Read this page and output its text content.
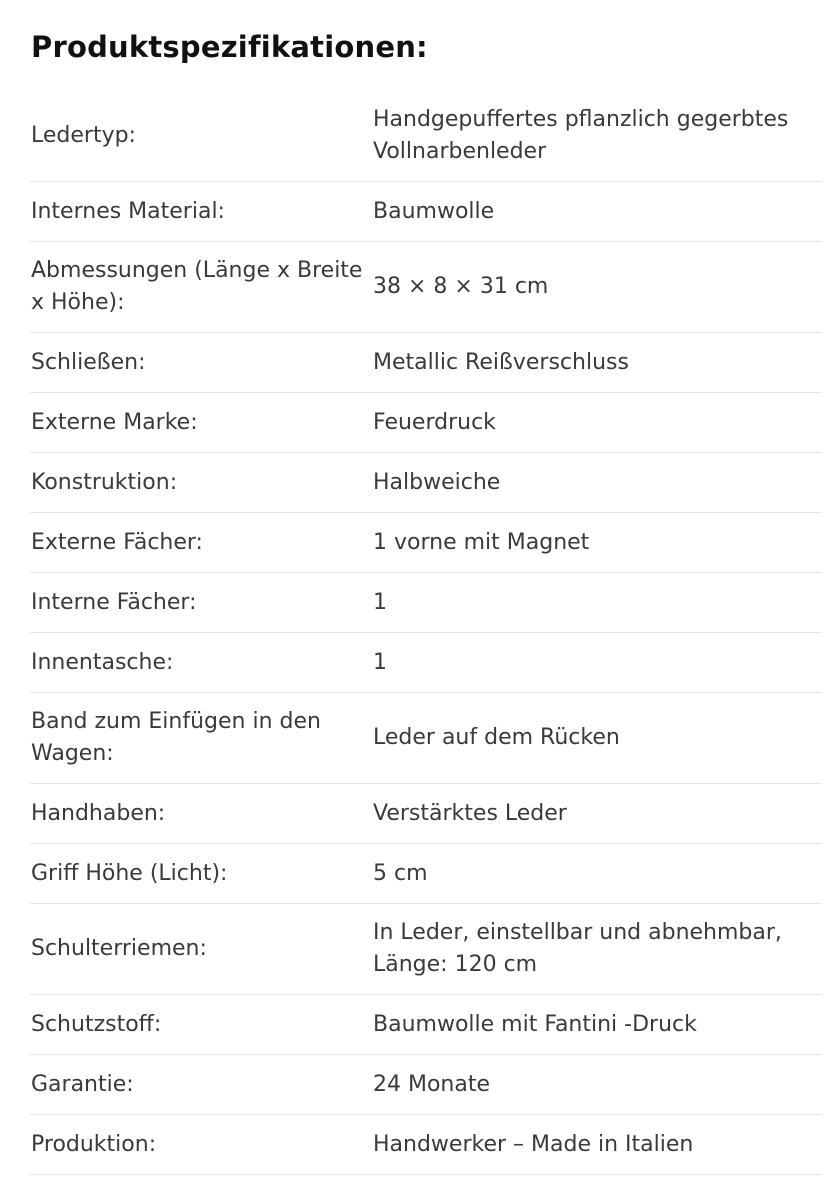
Produktspezifikationen:
Ledertyp:
Handgepuffertes pflanzlich gegerbtes Vollnarbenleder
Internes Material:	Baumwolle
Abmessungen (Länge x Breite x Höhe):
38 × 8 × 31 cm
Schließen:	Metallic Reißverschluss
Externe Marke:	Feuerdruck
Konstruktion:	Halbweiche
Externe Fächer:	1 vorne mit Magnet
Interne Fächer:	1
Innentasche:	1
Band zum Einfügen in den Wagen:
Leder auf dem Rücken
Handhaben:	Verstärktes Leder
Griff Höhe (Licht):	5 cm
Schulterriemen:
In Leder, einstellbar und abnehmbar, Länge: 120 cm
Schutzstoff:	Baumwolle mit Fantini -Druck
Garantie:	24 Monate
Produktion:	Handwerker – Made in Italien
